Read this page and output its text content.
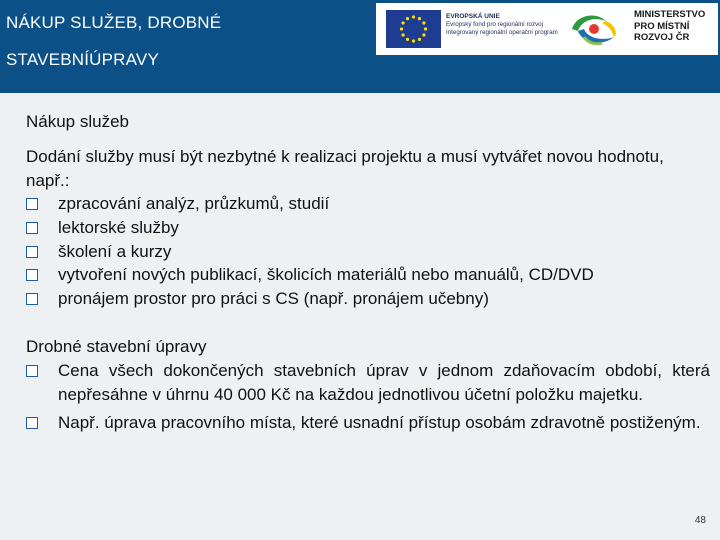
NÁKUP SLUŽEB, DROBNÉ STAVEBNÍÚPRAVY
EVROPSKÁ UNIE
Evropský fond pro regionální rozvoj
Integrovaný regionální operační program
MINISTERSTVO
PRO MÍSTNÍ
ROZVOJ ČR
Nákup služeb
Dodání služby musí být nezbytné k realizaci projektu a musí vytvářet novou hodnotu, např.:
zpracování analýz, průzkumů, studií
lektorské služby
školení a kurzy
vytvoření nových publikací, školicích materiálů nebo manuálů, CD/DVD
pronájem prostor pro práci s CS (např. pronájem učebny)
Drobné stavební úpravy
Cena všech dokončených stavebních úprav v jednom zdaňovacím období, která nepřesáhne v úhrnu 40 000 Kč na každou jednotlivou účetní položku majetku.
Např. úprava pracovního místa, které usnadní přístup osobám zdravotně postiženým.
48
